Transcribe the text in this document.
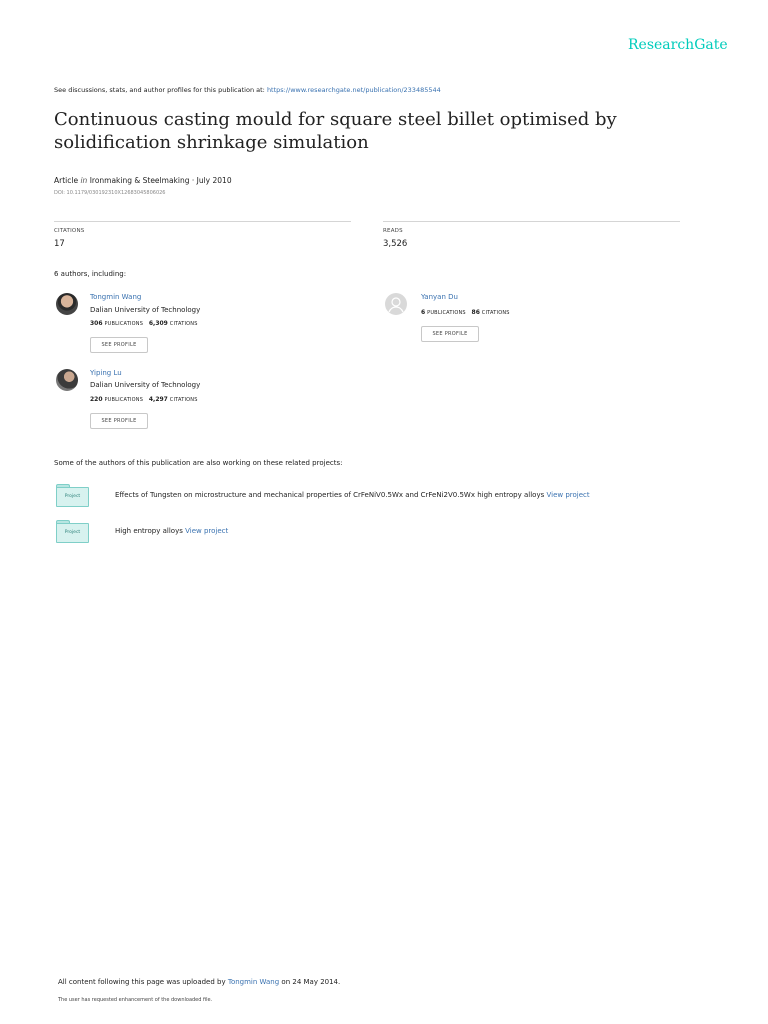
ResearchGate
See discussions, stats, and author profiles for this publication at: https://www.researchgate.net/publication/233485544
Continuous casting mould for square steel billet optimised by solidification shrinkage simulation
Article in Ironmaking & Steelmaking · July 2010
DOI: 10.1179/030192310X12683045806026
CITATIONS
17
READS
3,526
6 authors, including:
Tongmin Wang
Dalian University of Technology
306 PUBLICATIONS 6,309 CITATIONS
SEE PROFILE
Yanyan Du
6 PUBLICATIONS 86 CITATIONS
SEE PROFILE
Yiping Lu
Dalian University of Technology
220 PUBLICATIONS 4,297 CITATIONS
SEE PROFILE
Some of the authors of this publication are also working on these related projects:
Project	Effects of Tungsten on microstructure and mechanical properties of CrFeNiV0.5Wx and CrFeNi2V0.5Wx high entropy alloys View project
Project	High entropy alloys View project
All content following this page was uploaded by Tongmin Wang on 24 May 2014.
The user has requested enhancement of the downloaded file.
